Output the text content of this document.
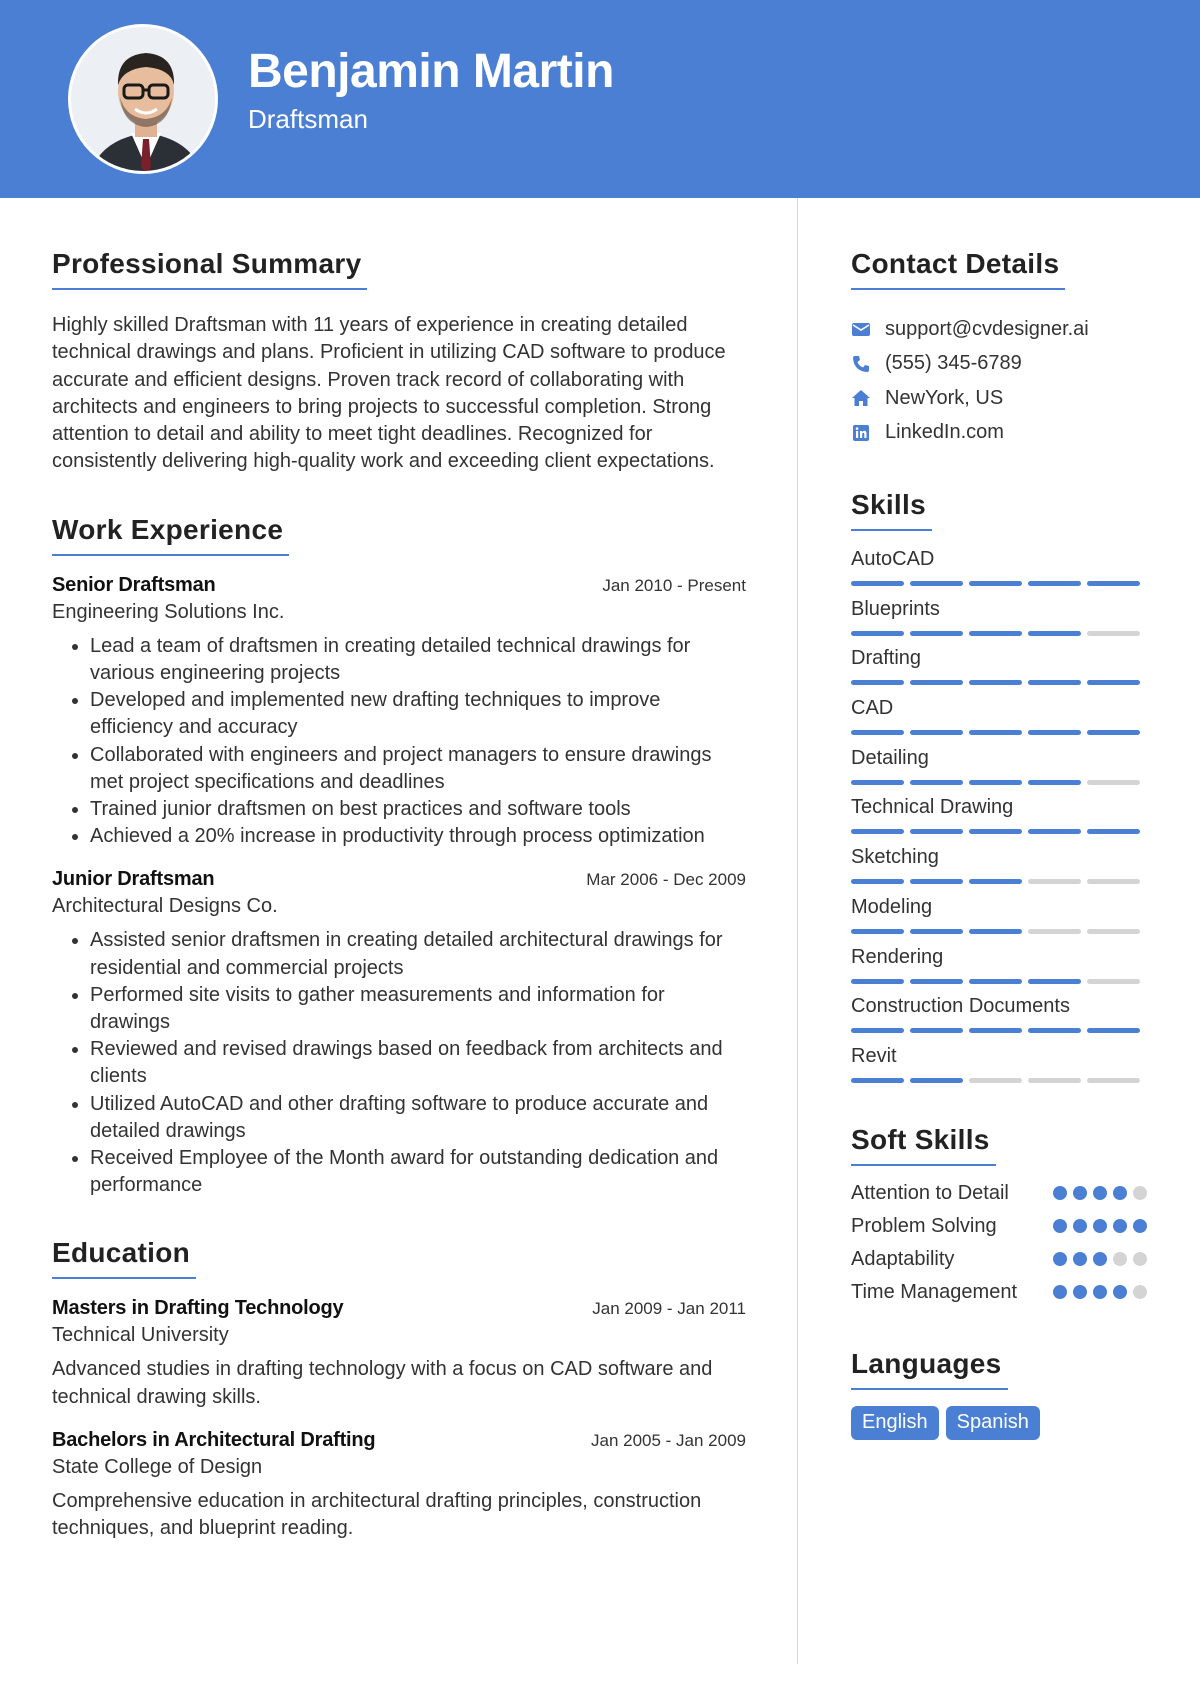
Benjamin Martin
Draftsman
Professional Summary

Highly skilled Draftsman with 11 years of experience in creating detailed technical drawings and plans. Proficient in utilizing CAD software to produce accurate and efficient designs. Proven track record of collaborating with architects and engineers to bring projects to successful completion. Strong attention to detail and ability to meet tight deadlines. Recognized for consistently delivering high-quality work and exceeding client expectations.

Work Experience
Senior Draftsman	Jan 2010 - Present
Engineering Solutions Inc.
• Lead a team of draftsmen in creating detailed technical drawings for various engineering projects
• Developed and implemented new drafting techniques to improve efficiency and accuracy
• Collaborated with engineers and project managers to ensure drawings met project specifications and deadlines
• Trained junior draftsmen on best practices and software tools
• Achieved a 20% increase in productivity through process optimization
Junior Draftsman	Mar 2006 - Dec 2009
Architectural Designs Co.
• Assisted senior draftsmen in creating detailed architectural drawings for residential and commercial projects
• Performed site visits to gather measurements and information for drawings
• Reviewed and revised drawings based on feedback from architects and clients
• Utilized AutoCAD and other drafting software to produce accurate and detailed drawings
• Received Employee of the Month award for outstanding dedication and performance
Education
Masters in Drafting Technology	Jan 2009 - Jan 2011
Technical University
Advanced studies in drafting technology with a focus on CAD software and technical drawing skills.
Bachelors in Architectural Drafting	Jan 2005 - Jan 2009
State College of Design
Comprehensive education in architectural drafting principles, construction techniques, and blueprint reading.
Contact Details
support@cvdesigner.ai
(555) 345-6789
NewYork, US
LinkedIn.com
Skills
AutoCAD
Blueprints
Drafting
CAD
Detailing
Technical Drawing
Sketching
Modeling
Rendering
Construction Documents
Revit
Soft Skills
Attention to Detail
Problem Solving
Adaptability
Time Management
Languages
English	Spanish
